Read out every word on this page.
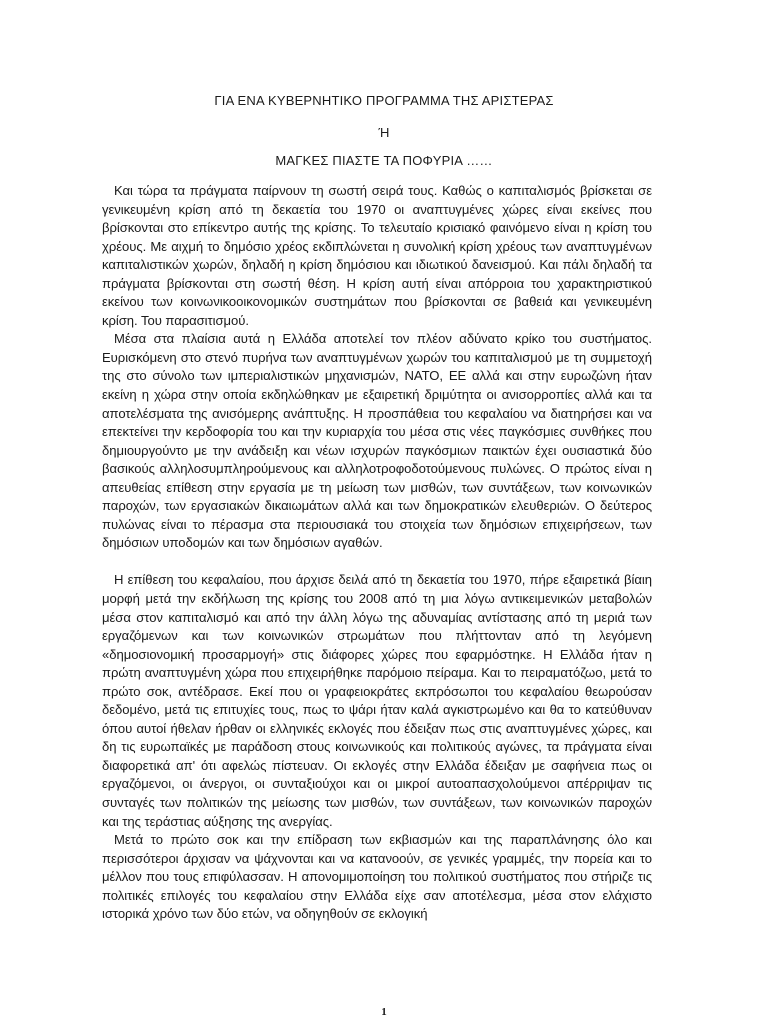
ΓΙΑ ΕΝΑ ΚΥΒΕΡΝΗΤΙΚΟ ΠΡΟΓΡΑΜΜΑ ΤΗΣ ΑΡΙΣΤΕΡΑΣ
Ή
ΜΑΓΚΕΣ ΠΙΑΣΤΕ ΤΑ ΠΟΦΥΡΙΑ ……

Και τώρα τα πράγματα παίρνουν τη σωστή σειρά τους. Καθώς ο καπιταλισμός βρίσκεται σε γενικευμένη κρίση από τη δεκαετία του 1970 οι αναπτυγμένες χώρες είναι εκείνες που βρίσκονται στο επίκεντρο αυτής της κρίσης. Το τελευταίο κρισιακό φαινόμενο είναι η κρίση του χρέους. Με αιχμή το δημόσιο χρέος εκδιπλώνεται η συνολική κρίση χρέους των αναπτυγμένων καπιταλιστικών χωρών, δηλαδή η κρίση δημόσιου και ιδιωτικού δανεισμού. Και πάλι δηλαδή τα πράγματα βρίσκονται στη σωστή θέση. Η κρίση αυτή είναι απόρροια του χαρακτηριστικού εκείνου των κοινωνικοοικονομικών συστημάτων που βρίσκονται σε βαθειά και γενικευμένη κρίση. Του παρασιτισμού.

Μέσα στα πλαίσια αυτά η Ελλάδα αποτελεί τον πλέον αδύνατο κρίκο του συστήματος. Ευρισκόμενη στο στενό πυρήνα των αναπτυγμένων χωρών του καπιταλισμού με τη συμμετοχή της στο σύνολο των ιμπεριαλιστικών μηχανισμών, ΝΑΤΟ, ΕΕ αλλά και στην ευρωζώνη ήταν εκείνη η χώρα στην οποία εκδηλώθηκαν με εξαιρετική δριμύτητα οι ανισορροπίες αλλά και τα αποτελέσματα της ανισόμερης ανάπτυξης. Η προσπάθεια του κεφαλαίου να διατηρήσει και να επεκτείνει την κερδοφορία του και την κυριαρχία του μέσα στις νέες παγκόσμιες συνθήκες που δημιουργούντο με την ανάδειξη και νέων ισχυρών παγκόσμιων παικτών έχει ουσιαστικά δύο βασικούς αλληλοσυμπληρούμενους και αλληλοτροφοδοτούμενους πυλώνες. Ο πρώτος είναι η απευθείας επίθεση στην εργασία με τη μείωση των μισθών, των συντάξεων, των κοινωνικών παροχών, των εργασιακών δικαιωμάτων αλλά και των δημοκρατικών ελευθεριών. Ο δεύτερος πυλώνας είναι το πέρασμα στα περιουσιακά του στοιχεία των δημόσιων επιχειρήσεων, των δημόσιων υποδομών και των δημόσιων αγαθών.

Η επίθεση του κεφαλαίου, που άρχισε δειλά από τη δεκαετία του 1970, πήρε εξαιρετικά βίαιη μορφή μετά την εκδήλωση της κρίσης του 2008 από τη μια λόγω αντικειμενικών μεταβολών μέσα στον καπιταλισμό και από την άλλη λόγω της αδυναμίας αντίστασης από τη μεριά των εργαζόμενων και των κοινωνικών στρωμάτων που πλήττονταν από τη λεγόμενη «δημοσιονομική προσαρμογή» στις διάφορες χώρες που εφαρμόστηκε. Η Ελλάδα ήταν η πρώτη αναπτυγμένη χώρα που επιχειρήθηκε παρόμοιο πείραμα. Και το πειραματόζωο, μετά το πρώτο σοκ, αντέδρασε. Εκεί που οι γραφειοκράτες εκπρόσωποι του κεφαλαίου θεωρούσαν δεδομένο, μετά τις επιτυχίες τους, πως το ψάρι ήταν καλά αγκιστρωμένο και θα το κατεύθυναν όπου αυτοί ήθελαν ήρθαν οι ελληνικές εκλογές που έδειξαν πως στις αναπτυγμένες χώρες, και δη τις ευρωπαϊκές με παράδοση στους κοινωνικούς και πολιτικούς αγώνες, τα πράγματα είναι διαφορετικά απ' ότι αφελώς πίστευαν. Οι εκλογές στην Ελλάδα έδειξαν με σαφήνεια πως οι εργαζόμενοι, οι άνεργοι, οι συνταξιούχοι και οι μικροί αυτοαπασχολούμενοι απέρριψαν τις συνταγές των πολιτικών της μείωσης των μισθών, των συντάξεων, των κοινωνικών παροχών και της τεράστιας αύξησης της ανεργίας.

Μετά το πρώτο σοκ και την επίδραση των εκβιασμών και της παραπλάνησης όλο και περισσότεροι άρχισαν να ψάχνονται και να κατανοούν, σε γενικές γραμμές, την πορεία και το μέλλον που τους επιφύλασσαν. Η απονομιμοποίηση του πολιτικού συστήματος που στήριζε τις πολιτικές επιλογές του κεφαλαίου στην Ελλάδα είχε σαν αποτέλεσμα, μέσα στον ελάχιστο ιστορικά χρόνο των δύο ετών, να οδηγηθούν σε εκλογική

1
